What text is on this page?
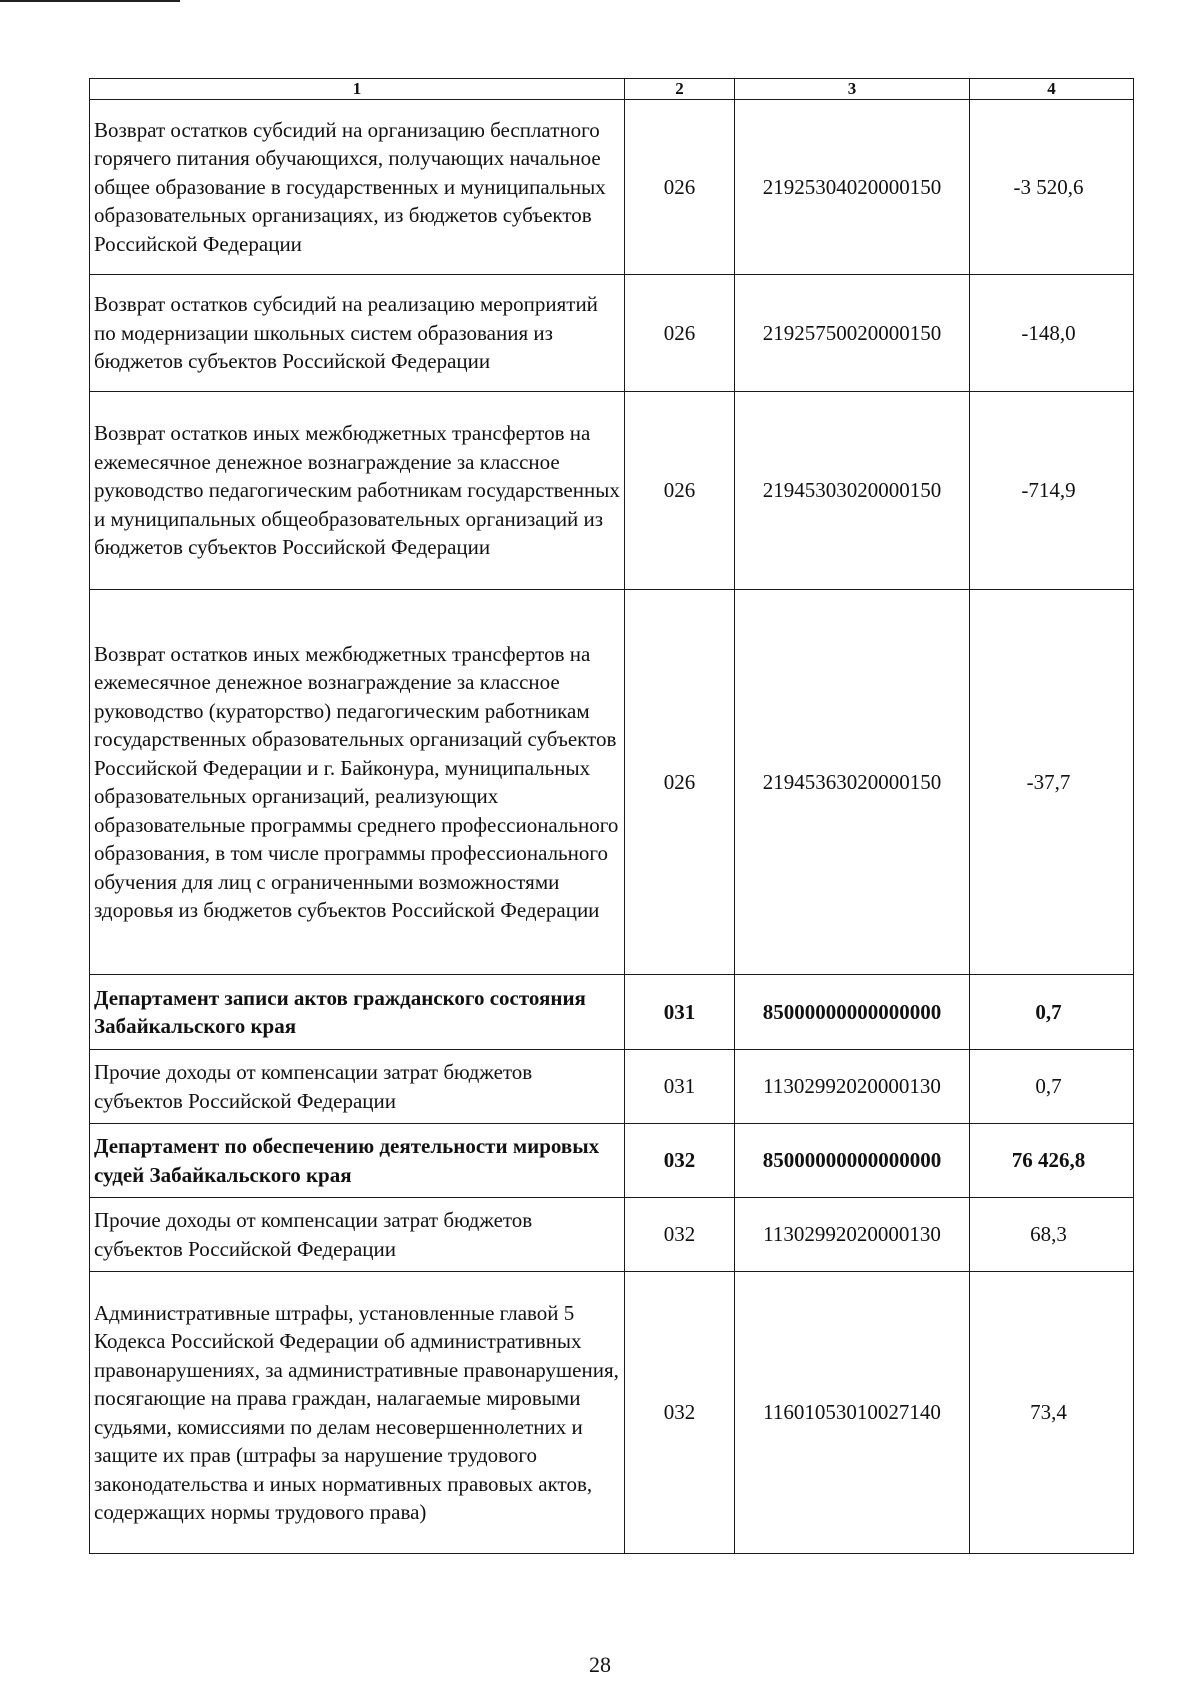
1	2	3	4
Возврат остатков субсидий на организацию бесплатного горячего питания обучающихся, получающих начальное общее образование в государственных и муниципальных образовательных организациях, из бюджетов субъектов Российской Федерации	026	21925304020000150	-3 520,6
Возврат остатков субсидий на реализацию мероприятий по модернизации школьных систем образования из бюджетов субъектов Российской Федерации	026	21925750020000150	-148,0
Возврат остатков иных межбюджетных трансфертов на ежемесячное денежное вознаграждение за классное руководство педагогическим работникам государственных и муниципальных общеобразовательных организаций из бюджетов субъектов Российской Федерации	026	21945303020000150	-714,9
Возврат остатков иных межбюджетных трансфертов на ежемесячное денежное вознаграждение за классное руководство (кураторство) педагогическим работникам государственных образовательных организаций субъектов Российской Федерации и г. Байконура, муниципальных образовательных организаций, реализующих образовательные программы среднего профессионального образования, в том числе программы профессионального обучения для лиц с ограниченными возможностями здоровья из бюджетов субъектов Российской Федерации	026	21945363020000150	-37,7
Департамент записи актов гражданского состояния Забайкальского края	031	85000000000000000	0,7
Прочие доходы от компенсации затрат бюджетов субъектов Российской Федерации	031	11302992020000130	0,7
Департамент по обеспечению деятельности мировых судей Забайкальского края	032	85000000000000000	76 426,8
Прочие доходы от компенсации затрат бюджетов субъектов Российской Федерации	032	11302992020000130	68,3
Административные штрафы, установленные главой 5 Кодекса Российской Федерации об административных правонарушениях, за административные правонарушения, посягающие на права граждан, налагаемые мировыми судьями, комиссиями по делам несовершеннолетних и защите их прав (штрафы за нарушение трудового законодательства и иных нормативных правовых актов, содержащих нормы трудового права)	032	11601053010027140	73,4
28
